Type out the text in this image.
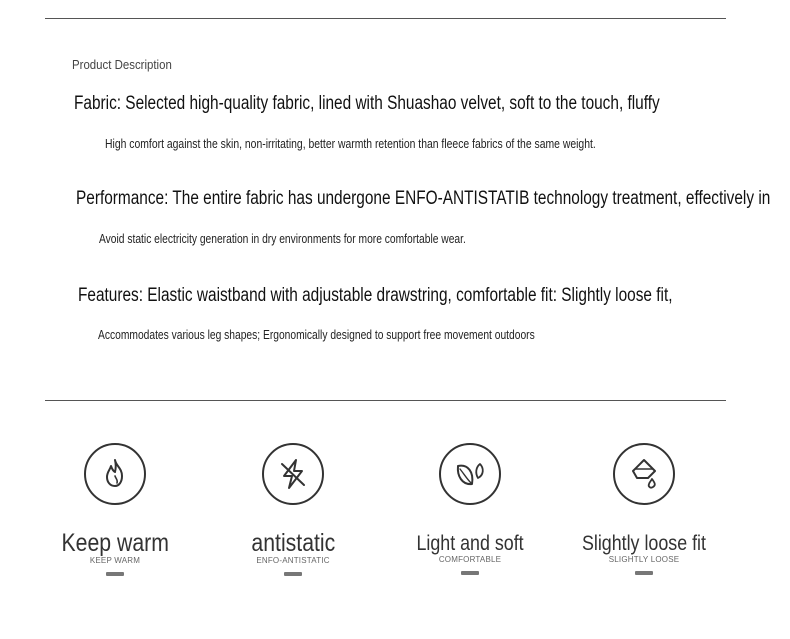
Product Description
Fabric: Selected high-quality fabric, lined with Shuashao velvet, soft to the touch, fluffy
High comfort against the skin, non-irritating, better warmth retention than fleece fabrics of the same weight.
Performance: The entire fabric has undergone ENFO-ANTISTATIB technology treatment, effectively in
Avoid static electricity generation in dry environments for more comfortable wear.
Features: Elastic waistband with adjustable drawstring, comfortable fit: Slightly loose fit,
Accommodates various leg shapes; Ergonomically designed to support free movement outdoors
Keep warm
KEEP WARM
antistatic
ENFO-ANTISTATIC
Light and soft
COMFORTABLE
Slightly loose fit
SLIGHTLY LOOSE
